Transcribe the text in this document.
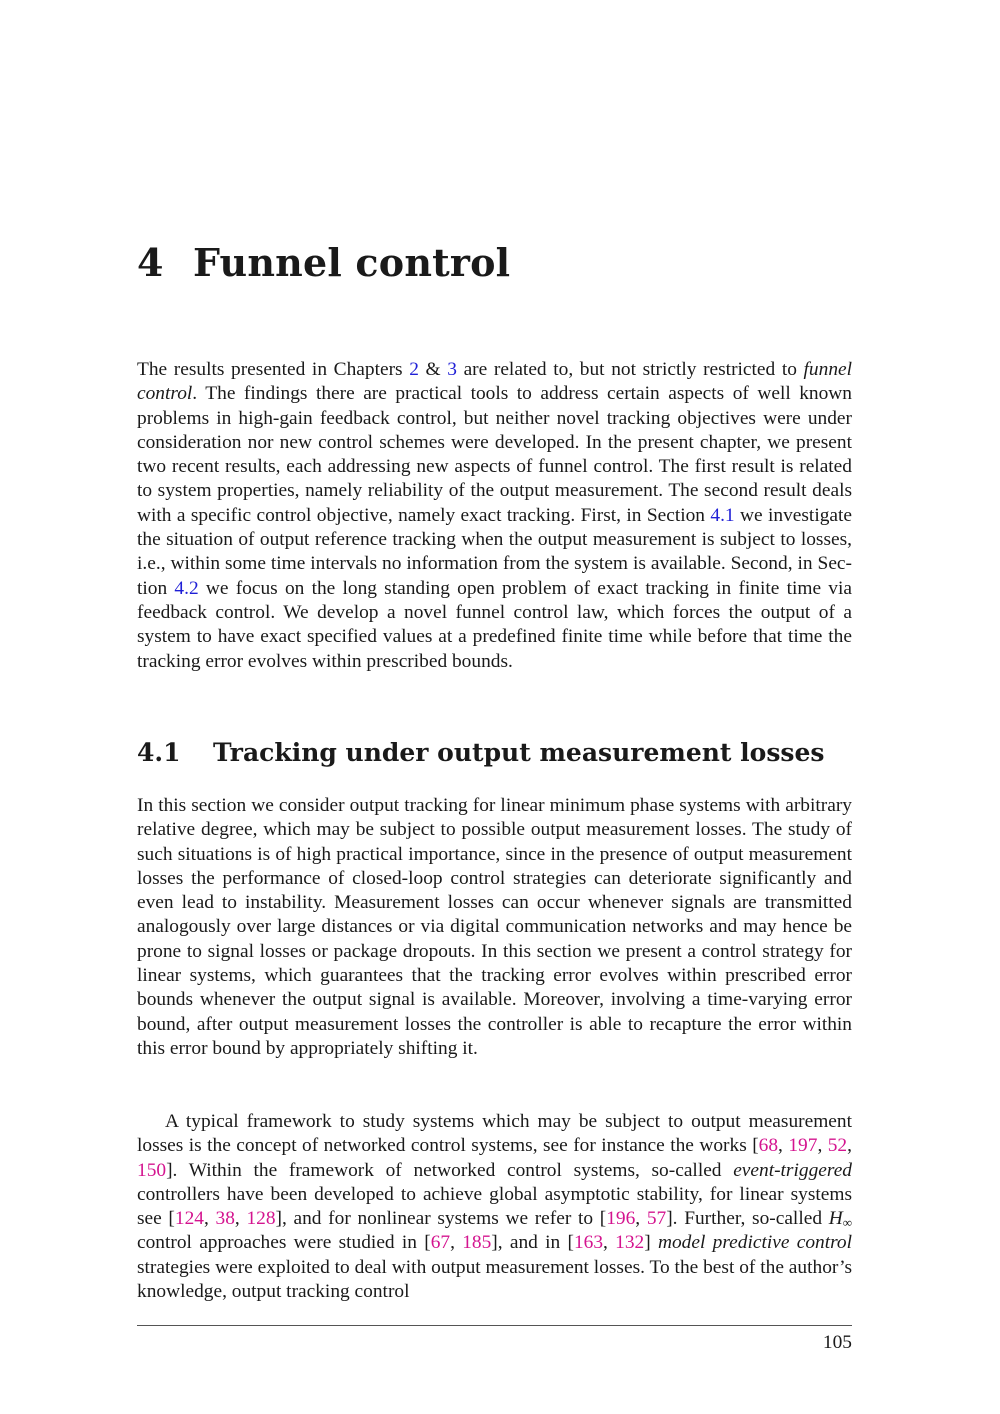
4 Funnel control

The results presented in Chapters 2 & 3 are related to, but not strictly restricted to funnel control. The findings there are practical tools to address certain aspects of well known problems in high-gain feedback control, but neither novel tracking objectives were under consideration nor new control schemes were developed. In the present chapter, we present two recent results, each addressing new aspects of funnel control. The first result is related to system properties, namely reliability of the output measurement. The second result deals with a specific control objective, namely exact tracking. First, in Section 4.1 we investigate the situation of output reference tracking when the output measurement is subject to losses, i.e., within some time intervals no information from the system is available. Second, in Section 4.2 we focus on the long standing open problem of exact tracking in finite time via feedback control. We develop a novel funnel control law, which forces the output of a system to have exact specified values at a predefined finite time while before that time the tracking error evolves within prescribed bounds.

4.1 Tracking under output measurement losses

In this section we consider output tracking for linear minimum phase systems with arbitrary relative degree, which may be subject to possible output measurement losses. The study of such situations is of high practical importance, since in the presence of output measurement losses the performance of closed-loop control strategies can deteriorate significantly and even lead to instability. Measurement losses can occur whenever signals are transmitted analogously over large distances or via digital communication networks and may hence be prone to signal losses or package dropouts. In this section we present a control strategy for linear systems, which guarantees that the tracking error evolves within prescribed error bounds whenever the output signal is available. Moreover, involving a time-varying error bound, after output measurement losses the controller is able to recapture the error within this error bound by appropriately shifting it.

A typical framework to study systems which may be subject to output measurement losses is the concept of networked control systems, see for instance the works [68, 197, 52, 150]. Within the framework of networked control systems, so-called event-triggered controllers have been developed to achieve global asymptotic stability, for linear systems see [124, 38, 128], and for nonlinear systems we refer to [196, 57]. Further, so-called $H_\infty$ control approaches were studied in [67, 185], and in [163, 132] model predictive control strategies were exploited to deal with output measurement losses. To the best of the author’s knowledge, output tracking control

105
